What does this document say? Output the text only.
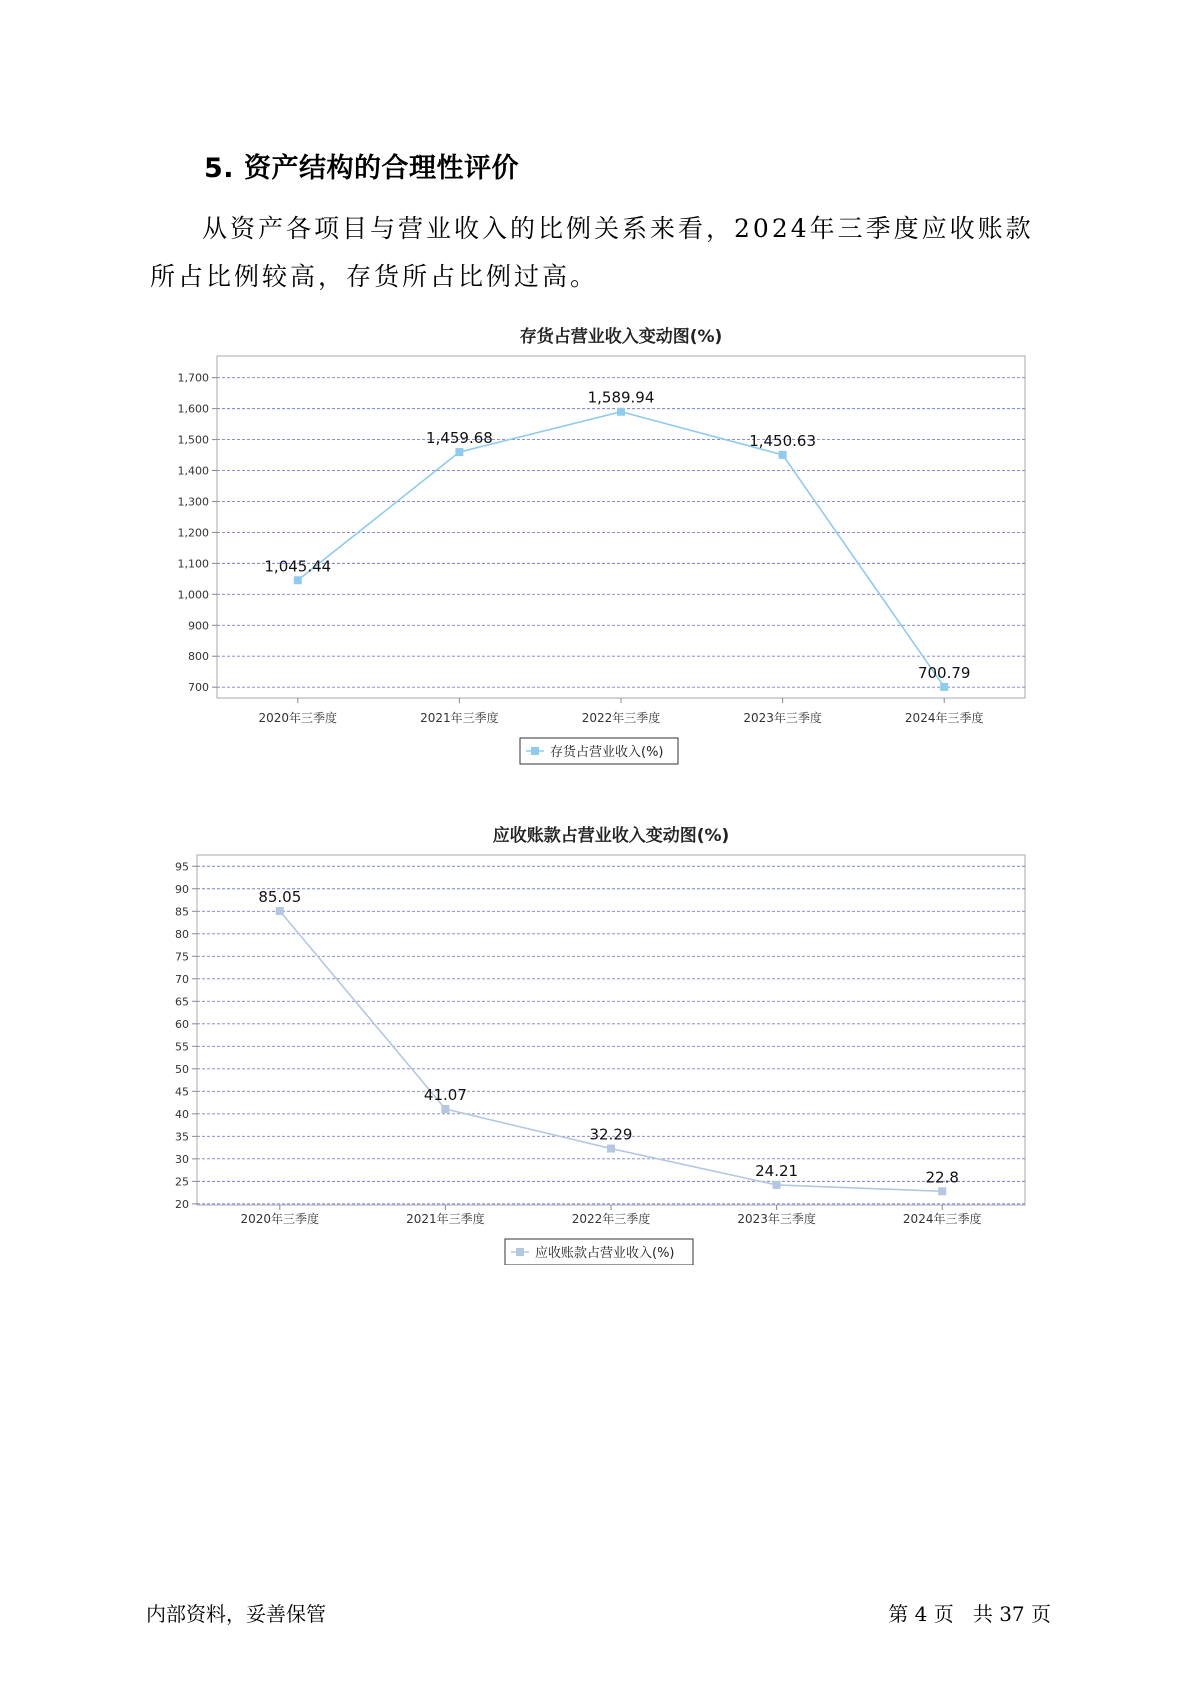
5. 资产结构的合理性评价
从资产各项目与营业收入的比例关系来看，2024年三季度应收账款所占比例较高，存货所占比例过高。
存货占营业收入变动图(%)
700
800
900
1,000
1,100
1,200
1,300
1,400
1,500
1,600
1,700
2020年三季度	2021年三季度	2022年三季度	2023年三季度	2024年三季度
1,045.44
1,459.68
1,589.94
1,450.63
700.79
存货占营业收入(%)
应收账款占营业收入变动图(%)
20
25
30
35
40
45
50
55
60
65
70
75
80
85
90
95
2020年三季度	2021年三季度	2022年三季度	2023年三季度	2024年三季度
85.05
41.07
32.29
24.21	22.8
应收账款占营业收入(%)
内部资料，妥善保管	第 4 页 共 37 页
